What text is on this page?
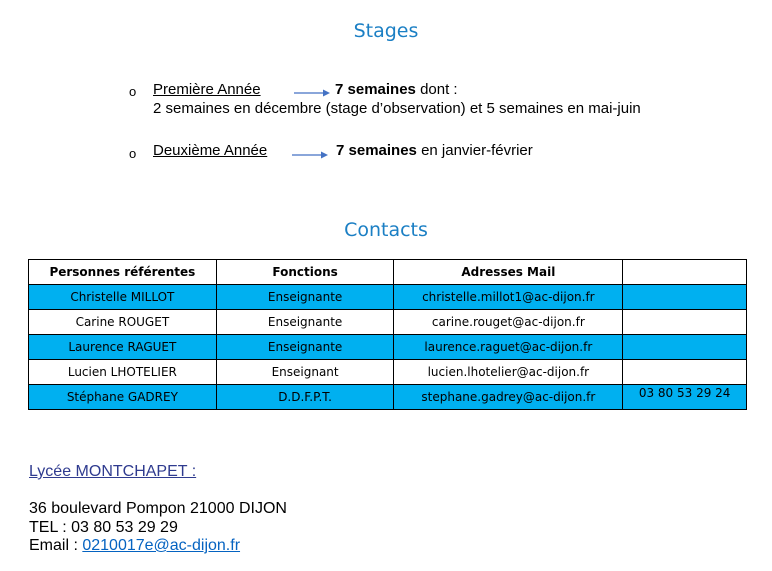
Stages
o Première Année	7 semaines dont :
2 semaines en décembre (stage d’observation) et 5 semaines en mai-juin
o Deuxième Année	7 semaines en janvier-février
Contacts
Personnes référentes	Fonctions	Adresses Mail	
Christelle MILLOT	Enseignante	christelle.millot1@ac-dijon.fr	
Carine ROUGET	Enseignante	carine.rouget@ac-dijon.fr	
Laurence RAGUET	Enseignante	laurence.raguet@ac-dijon.fr	
Lucien LHOTELIER	Enseignant	lucien.lhotelier@ac-dijon.fr	
Stéphane GADREY	D.D.F.P.T.	stephane.gadrey@ac-dijon.fr	03 80 53 29 24
Lycée MONTCHAPET :
36 boulevard Pompon 21000 DIJON
TEL : 03 80 53 29 29
Email : 0210017e@ac-dijon.fr
